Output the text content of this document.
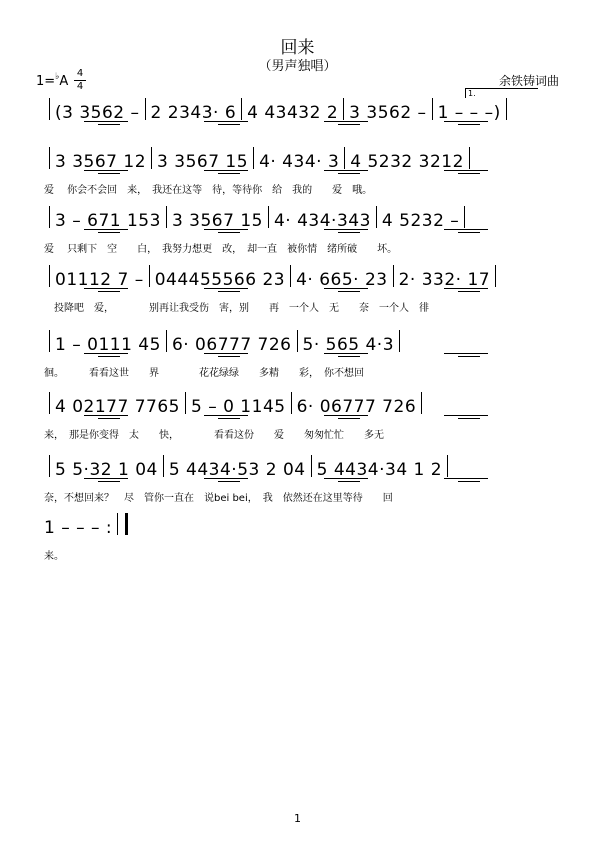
回来
（男声独唱）
1=♭A
4
4	余铁铸词曲
(3 3562 – 2 2343· 6 4 43432 2 3 3562 – 1 – – –)
3 3567 12 3 3567 15 4· 434· 3 4 5232 3212
爱　 你会不会回　来，　我还在这等　待，等待你　给　我的　　爱　哦。
3 – 671 153 3 3567 15 4· 434·343 4 5232 –
爱　 只剩下　空　　白，　我努力想更　改，　却一直　被你情　绪所破　　坏。
01112 7 – 044455566 23 4· 665· 23 2· 332· 17
　投降吧　爱，　　　　别再让我受伤　害，别　　再　一个人　无　　奈　一个人　徘
1 – 0111 45 6· 06777 726 5· 565 4·3
徊。　　　看看这世　　界　　　　花花绿绿　　多精　　彩，　你不想回
4 02177 7765 5 – 0 1145 6· 06777 726
来，　那是你变得　太　　快，　　　　看看这份　　爱　　匆匆忙忙　　多无
5 5·32 1 04 5 4434·53 2 04 5 4434·34 1 2
奈，不想回来？　尽　管你一直在　说bei bei，　我　依然还在这里等待　　回
1 – – – :
来。
1
1.
